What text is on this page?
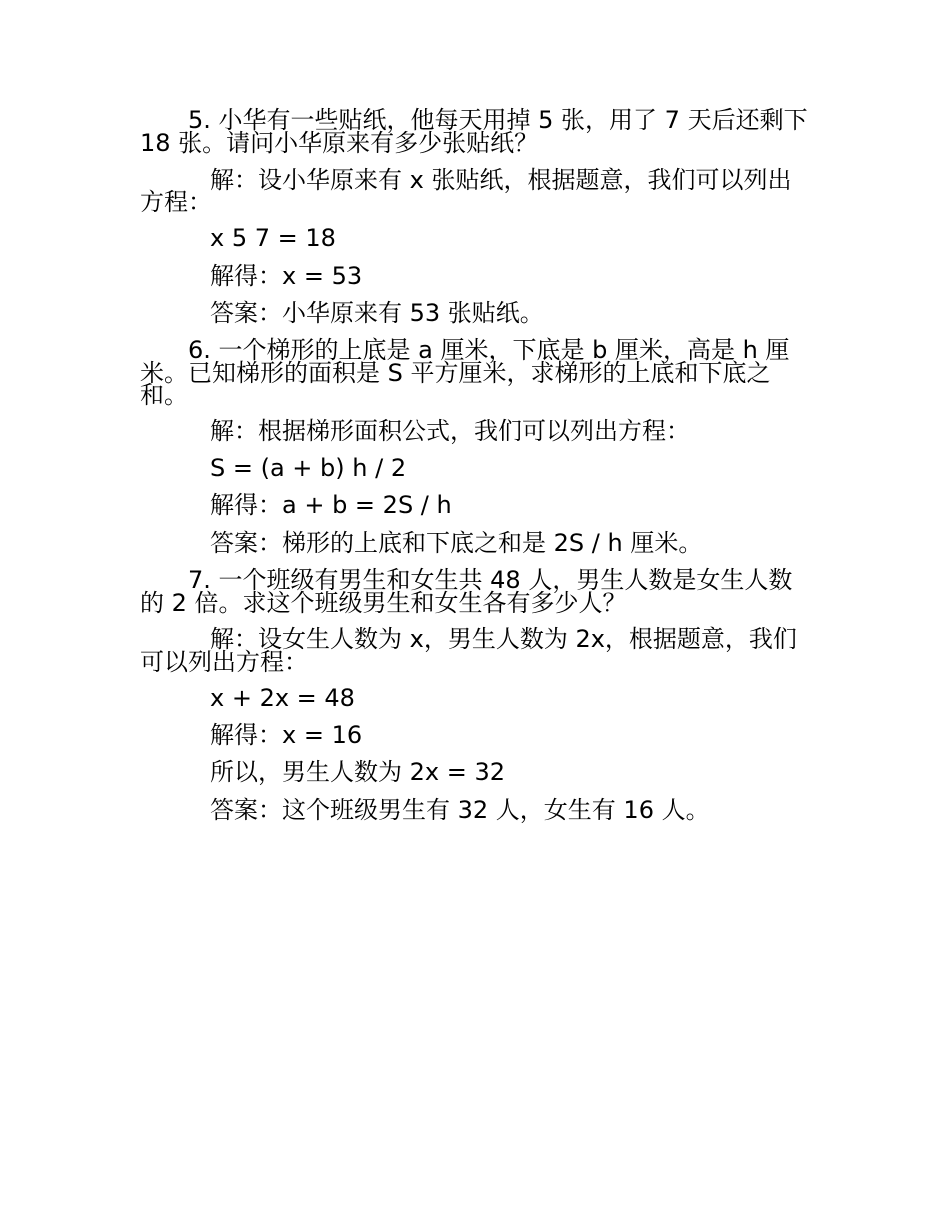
5. 小华有一些贴纸，他每天用掉 5 张，用了 7 天后还剩下
18 张。请问小华原来有多少张贴纸？
解：设小华原来有 x 张贴纸，根据题意，我们可以列出
方程：
x 5 7 = 18
解得：x = 53
答案：小华原来有 53 张贴纸。
6. 一个梯形的上底是 a 厘米，下底是 b 厘米，高是 h 厘
米。已知梯形的面积是 S 平方厘米，求梯形的上底和下底之
和。
解：根据梯形面积公式，我们可以列出方程：
S = (a + b) h / 2
解得：a + b = 2S / h
答案：梯形的上底和下底之和是 2S / h 厘米。
7. 一个班级有男生和女生共 48 人，男生人数是女生人数
的 2 倍。求这个班级男生和女生各有多少人？
解：设女生人数为 x，男生人数为 2x，根据题意，我们
可以列出方程：
x + 2x = 48
解得：x = 16
所以，男生人数为 2x = 32
答案：这个班级男生有 32 人，女生有 16 人。
